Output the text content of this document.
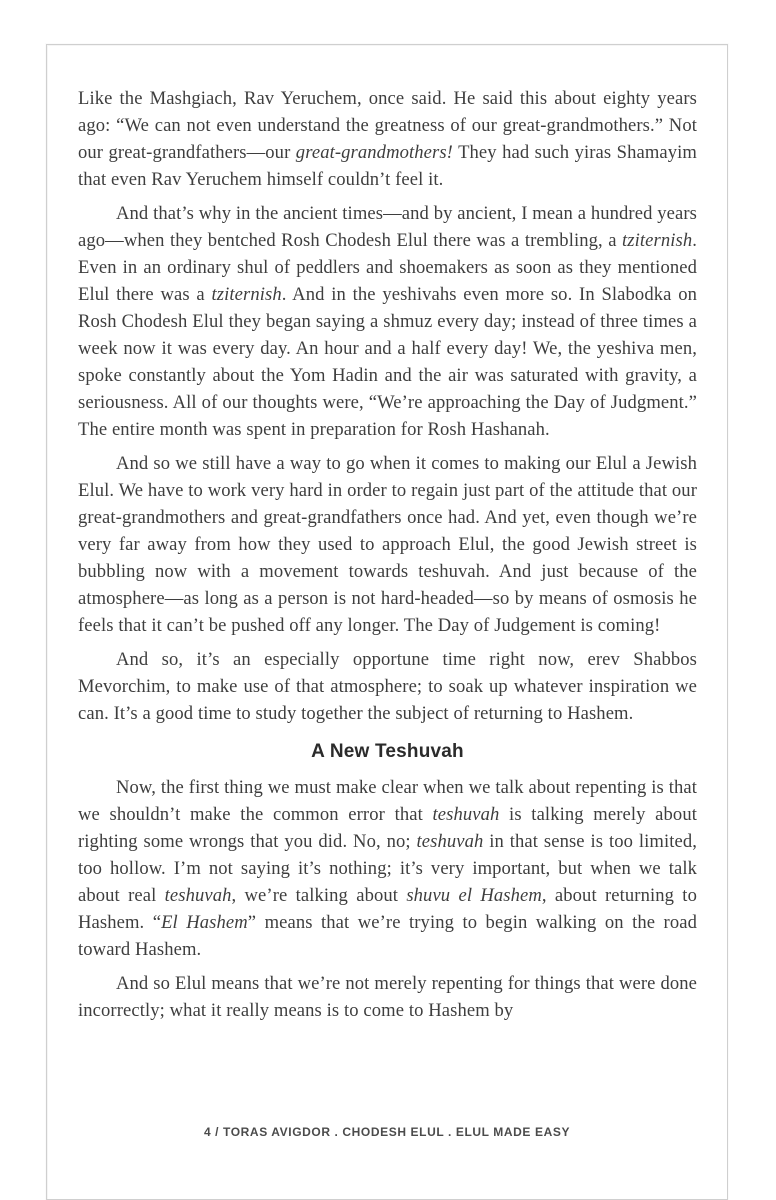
Like the Mashgiach, Rav Yeruchem, once said. He said this about eighty years ago: “We can not even understand the greatness of our great-grandmothers.” Not our great-grandfathers—our great-grandmothers! They had such yiras Shamayim that even Rav Yeruchem himself couldn’t feel it.

And that’s why in the ancient times—and by ancient, I mean a hundred years ago—when they bentched Rosh Chodesh Elul there was a trembling, a tziternish. Even in an ordinary shul of peddlers and shoemakers as soon as they mentioned Elul there was a tziternish. And in the yeshivahs even more so. In Slabodka on Rosh Chodesh Elul they began saying a shmuz every day; instead of three times a week now it was every day. An hour and a half every day! We, the yeshiva men, spoke constantly about the Yom Hadin and the air was saturated with gravity, a seriousness. All of our thoughts were, “We’re approaching the Day of Judgment.” The entire month was spent in preparation for Rosh Hashanah.

And so we still have a way to go when it comes to making our Elul a Jewish Elul. We have to work very hard in order to regain just part of the attitude that our great-grandmothers and great-grandfathers once had. And yet, even though we’re very far away from how they used to approach Elul, the good Jewish street is bubbling now with a movement towards teshuvah. And just because of the atmosphere—as long as a person is not hard-headed—so by means of osmosis he feels that it can’t be pushed off any longer. The Day of Judgement is coming!

And so, it’s an especially opportune time right now, erev Shabbos Mevorchim, to make use of that atmosphere; to soak up whatever inspiration we can. It’s a good time to study together the subject of returning to Hashem.

A New Teshuvah

Now, the first thing we must make clear when we talk about repenting is that we shouldn’t make the common error that teshuvah is talking merely about righting some wrongs that you did. No, no; teshuvah in that sense is too limited, too hollow. I’m not saying it’s nothing; it’s very important, but when we talk about real teshuvah, we’re talking about shuvu el Hashem, about returning to Hashem. “El Hashem” means that we’re trying to begin walking on the road toward Hashem.

And so Elul means that we’re not merely repenting for things that were done incorrectly; what it really means is to come to Hashem by

4 / TORAS AVIGDOR . CHODESH ELUL . ELUL MADE EASY
